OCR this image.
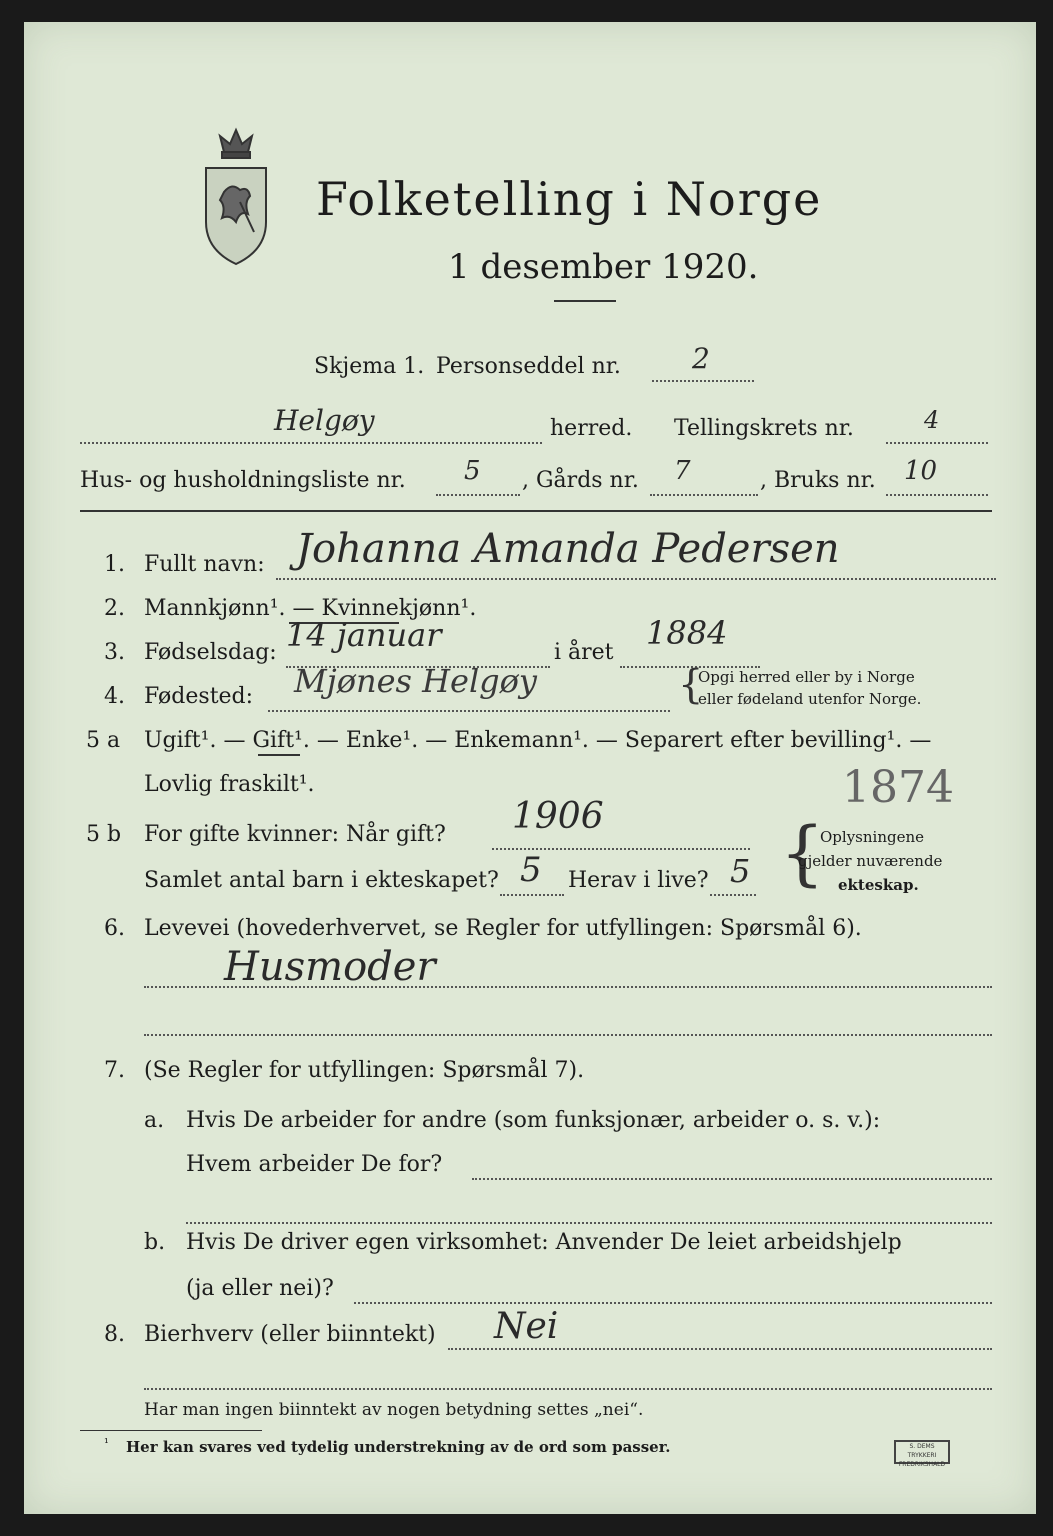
Folketelling i Norge
1 desember 1920.
Skjema 1. Personseddel nr.	2
Helgøy	herred. Tellingskrets nr.	4
Hus- og husholdningsliste nr. 5 , Gårds nr. 7	, Bruks nr. 10
1. Fullt navn: Johanna Amanda Pedersen
2. Mannkjønn¹. — Kvinnekjønn¹.
3. Fødselsdag: 14 januar	i året
1884
4. Fødested: Mjønes Helgøy	{
Opgi herred eller by i Norge
eller fødeland utenfor Norge.
5 a Ugift¹. — Gift¹. — Enke¹. — Enkemann¹. — Separert efter bevilling¹. —
Lovlig fraskilt¹.	1874
5 b For gifte kvinner: Når gift? 1906
Samlet antal barn i ekteskapet? 5 Herav i live? 5 {
Oplysningene
gjelder nuværende
ekteskap.
6. Levevei (hovederhvervet, se Regler for utfyllingen: Spørsmål 6).
Husmoder
7. (Se Regler for utfyllingen: Spørsmål 7).
a. Hvis De arbeider for andre (som funksjonær, arbeider o. s. v.):
Hvem arbeider De for?
b. Hvis De driver egen virksomhet: Anvender De leiet arbeidshjelp
(ja eller nei)?
8. Bierhverv (eller biinntekt) Nei
Har man ingen biinntekt av nogen betydning settes „nei“.
¹ Her kan svares ved tydelig understrekning av de ord som passer.	S. DEMS TRYKKERI FREDRIKSHALD
